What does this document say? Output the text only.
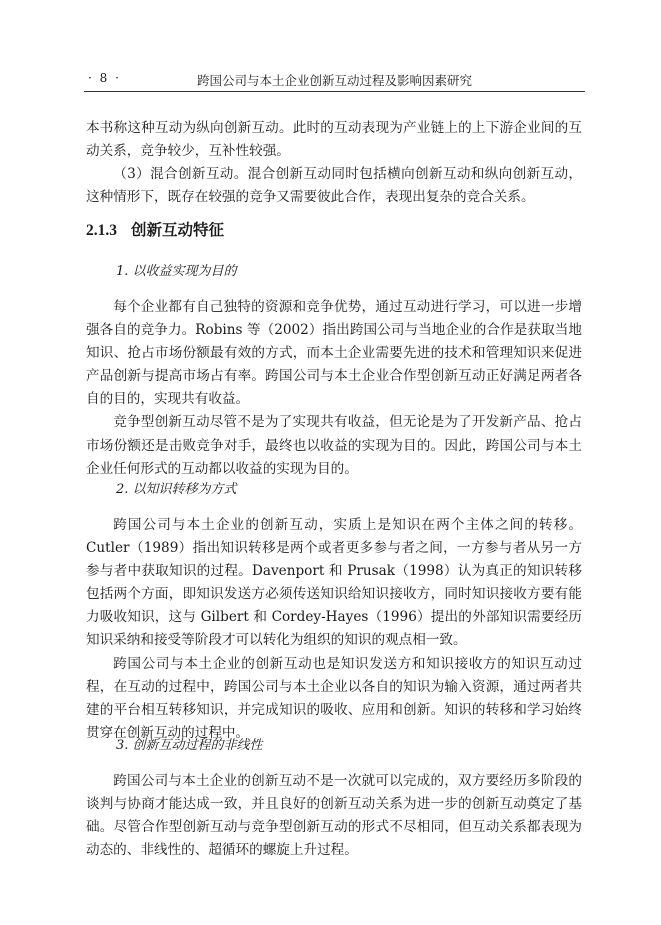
· 8 ·	跨国公司与本土企业创新互动过程及影响因素研究

本书称这种互动为纵向创新互动。此时的互动表现为产业链上的上下游企业间的互动关系，竞争较少，互补性较强。

（3）混合创新互动。混合创新互动同时包括横向创新互动和纵向创新互动，这种情形下，既存在较强的竞争又需要彼此合作，表现出复杂的竞合关系。

2.1.3 创新互动特征
1. 以收益实现为目的

每个企业都有自己独特的资源和竞争优势，通过互动进行学习，可以进一步增强各自的竞争力。Robins 等（2002）指出跨国公司与当地企业的合作是获取当地知识、抢占市场份额最有效的方式，而本土企业需要先进的技术和管理知识来促进产品创新与提高市场占有率。跨国公司与本土企业合作型创新互动正好满足两者各自的目的，实现共有收益。

竞争型创新互动尽管不是为了实现共有收益，但无论是为了开发新产品、抢占市场份额还是击败竞争对手，最终也以收益的实现为目的。因此，跨国公司与本土企业任何形式的互动都以收益的实现为目的。

2. 以知识转移为方式

跨国公司与本土企业的创新互动，实质上是知识在两个主体之间的转移。Cutler（1989）指出知识转移是两个或者更多参与者之间，一方参与者从另一方参与者中获取知识的过程。Davenport 和 Prusak（1998）认为真正的知识转移包括两个方面，即知识发送方必须传送知识给知识接收方，同时知识接收方要有能力吸收知识，这与 Gilbert 和 Cordey-Hayes（1996）提出的外部知识需要经历知识采纳和接受等阶段才可以转化为组织的知识的观点相一致。

跨国公司与本土企业的创新互动也是知识发送方和知识接收方的知识互动过程，在互动的过程中，跨国公司与本土企业以各自的知识为输入资源，通过两者共建的平台相互转移知识，并完成知识的吸收、应用和创新。知识的转移和学习始终贯穿在创新互动的过程中。

3. 创新互动过程的非线性

跨国公司与本土企业的创新互动不是一次就可以完成的，双方要经历多阶段的谈判与协商才能达成一致，并且良好的创新互动关系为进一步的创新互动奠定了基础。尽管合作型创新互动与竞争型创新互动的形式不尽相同，但互动关系都表现为动态的、非线性的、超循环的螺旋上升过程。
